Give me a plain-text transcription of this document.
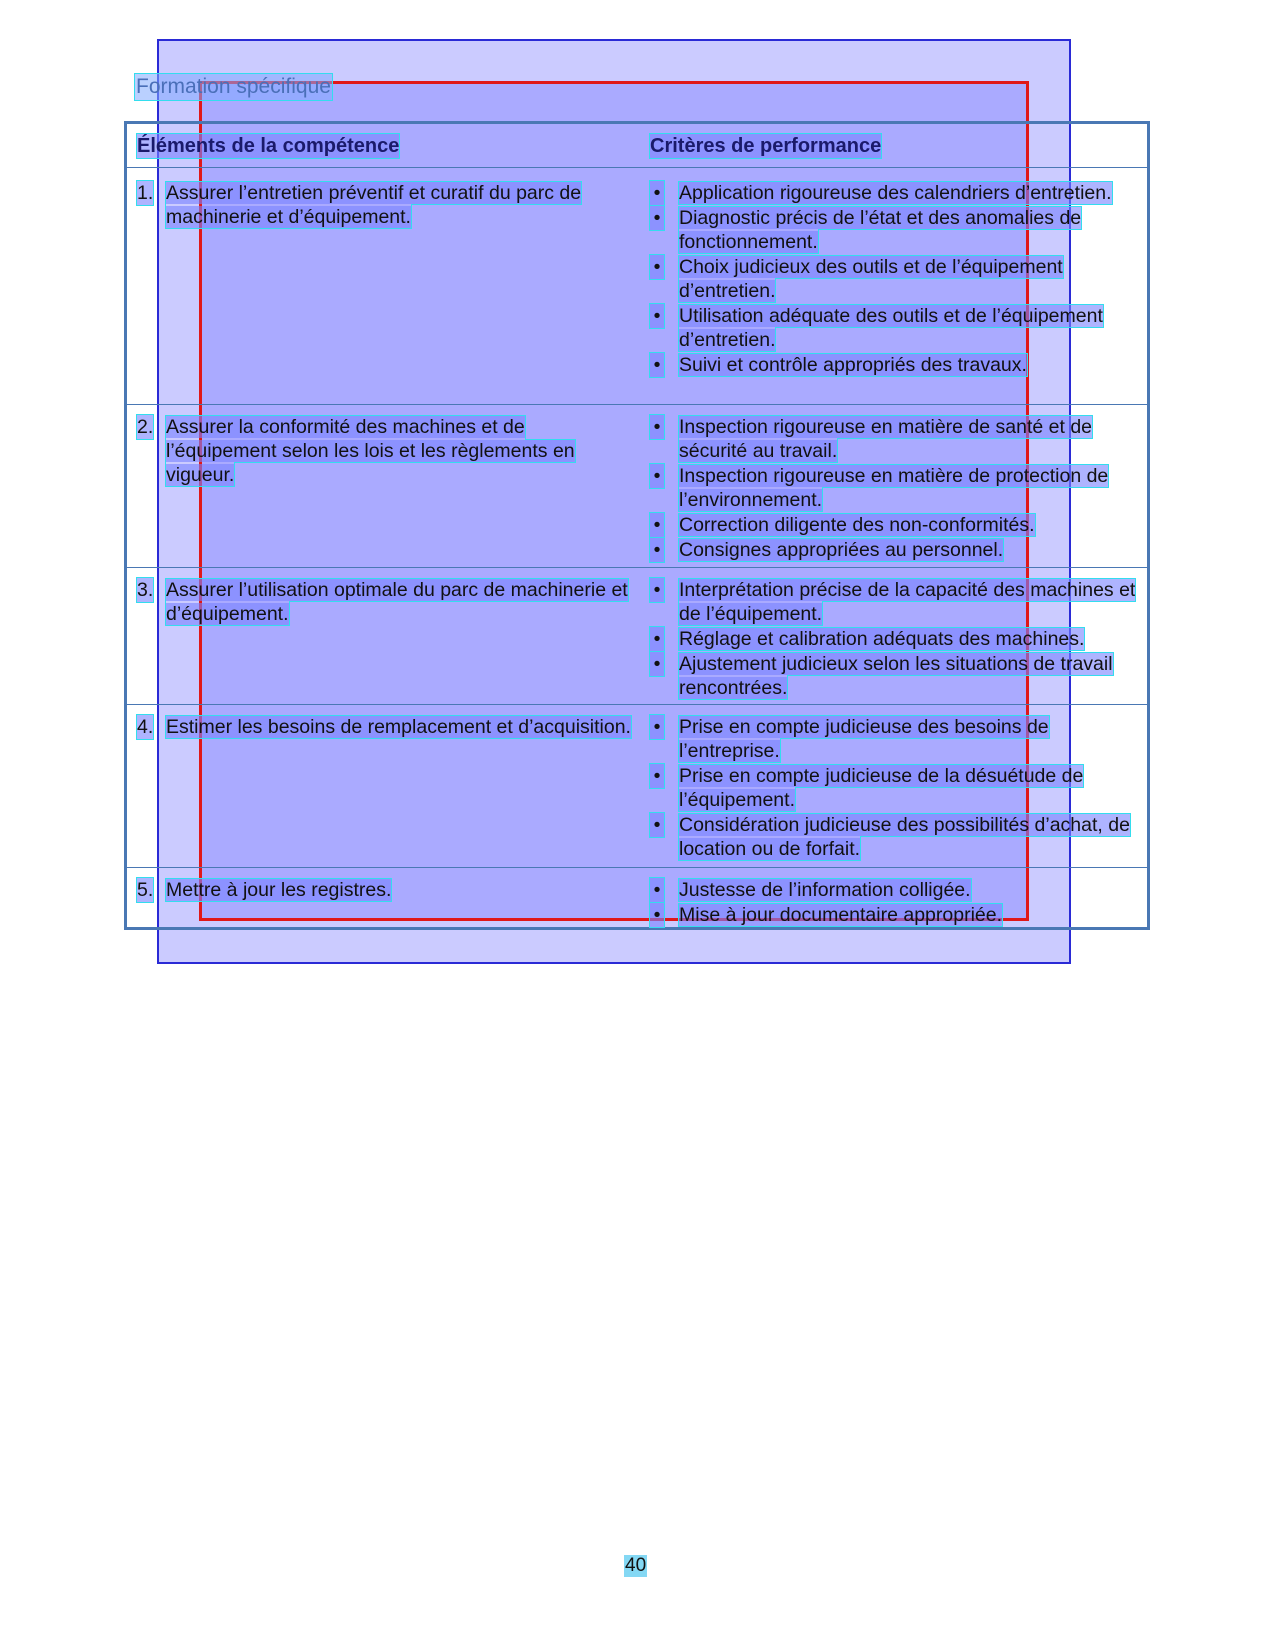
Formation spécifique
Éléments de la compétence	Critères de performance
1. Assurer l’entretien préventif et curatif du parc de machinerie et d’équipement.
• Application rigoureuse des calendriers d’entretien.
• Diagnostic précis de l’état et des anomalies de fonctionnement.
• Choix judicieux des outils et de l’équipement d’entretien.
• Utilisation adéquate des outils et de l’équipement d’entretien.
• Suivi et contrôle appropriés des travaux.
2. Assurer la conformité des machines et de l’équipement selon les lois et les règlements en vigueur.
• Inspection rigoureuse en matière de santé et de sécurité au travail.
• Inspection rigoureuse en matière de protection de l’environnement.
• Correction diligente des non-conformités.
• Consignes appropriées au personnel.
3. Assurer l’utilisation optimale du parc de machinerie et d’équipement.
• Interprétation précise de la capacité des machines et de l’équipement.
• Réglage et calibration adéquats des machines.
• Ajustement judicieux selon les situations de travail rencontrées.
4. Estimer les besoins de remplacement et d’acquisition. • Prise en compte judicieuse des besoins de l’entreprise.
• Prise en compte judicieuse de la désuétude de l’équipement.
• Considération judicieuse des possibilités d’achat, de location ou de forfait.
5. Mettre à jour les registres.	• Justesse de l’information colligée.
• Mise à jour documentaire appropriée.
40
